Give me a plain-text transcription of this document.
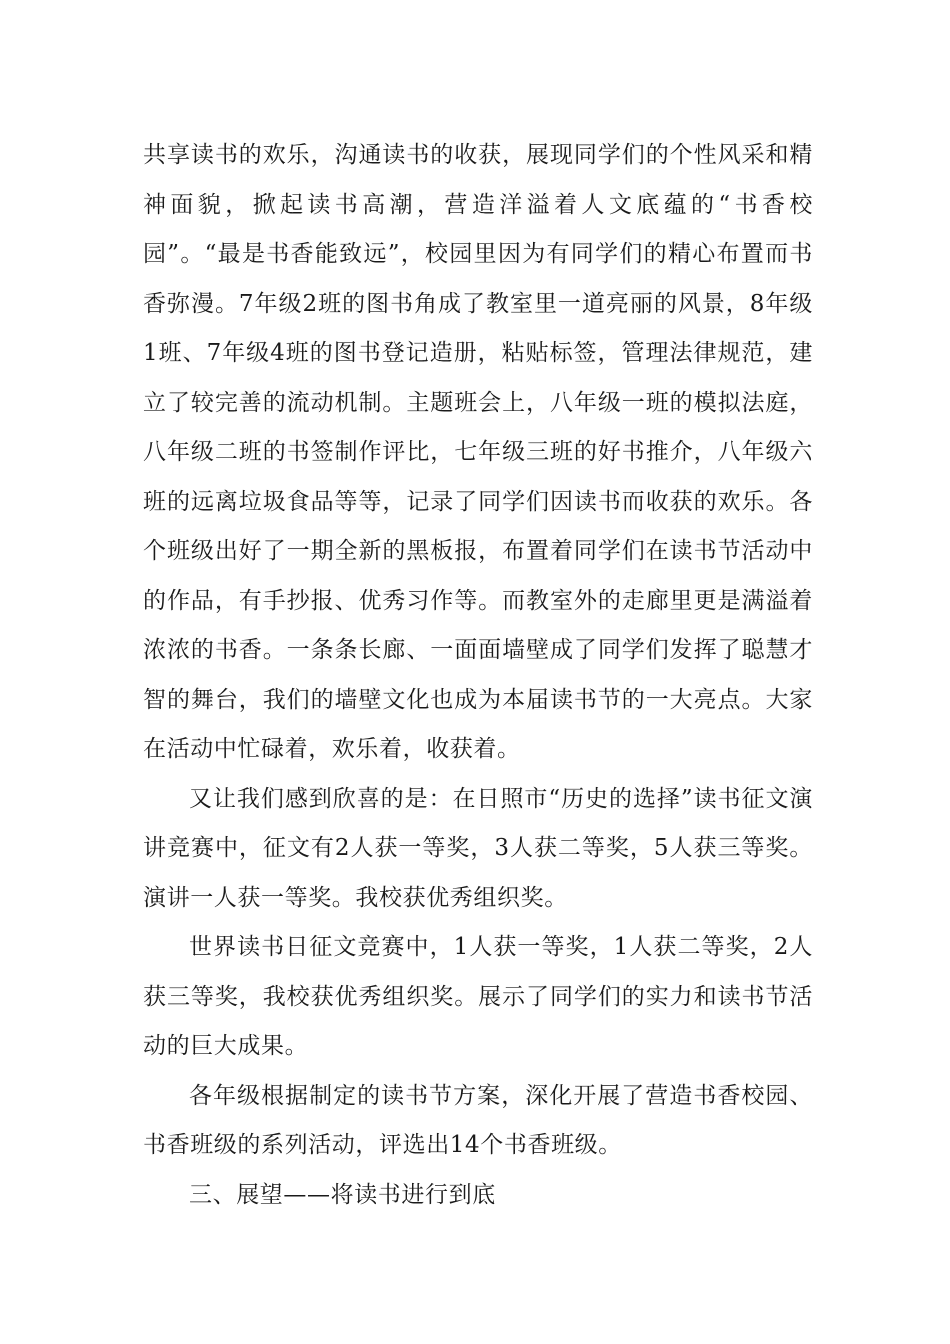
共享读书的欢乐，沟通读书的收获，展现同学们的个性风采和精神面貌，掀起读书高潮，营造洋溢着人文底蕴的“书香校园”。“最是书香能致远”，校园里因为有同学们的精心布置而书香弥漫。7年级2班的图书角成了教室里一道亮丽的风景，8年级1班、7年级4班的图书登记造册，粘贴标签，管理法律规范，建立了较完善的流动机制。主题班会上，八年级一班的模拟法庭，八年级二班的书签制作评比，七年级三班的好书推介，八年级六班的远离垃圾食品等等，记录了同学们因读书而收获的欢乐。各个班级出好了一期全新的黑板报，布置着同学们在读书节活动中的作品，有手抄报、优秀习作等。而教室外的走廊里更是满溢着浓浓的书香。一条条长廊、一面面墙壁成了同学们发挥了聪慧才智的舞台，我们的墙壁文化也成为本届读书节的一大亮点。大家在活动中忙碌着，欢乐着，收获着。

又让我们感到欣喜的是：在日照市“历史的选择”读书征文演讲竞赛中，征文有2人获一等奖，3人获二等奖，5人获三等奖。演讲一人获一等奖。我校获优秀组织奖。

世界读书日征文竞赛中，1人获一等奖，1人获二等奖，2人获三等奖，我校获优秀组织奖。展示了同学们的实力和读书节活动的巨大成果。

各年级根据制定的读书节方案，深化开展了营造书香校园、书香班级的系列活动，评选出14个书香班级。

三、展望——将读书进行到底
